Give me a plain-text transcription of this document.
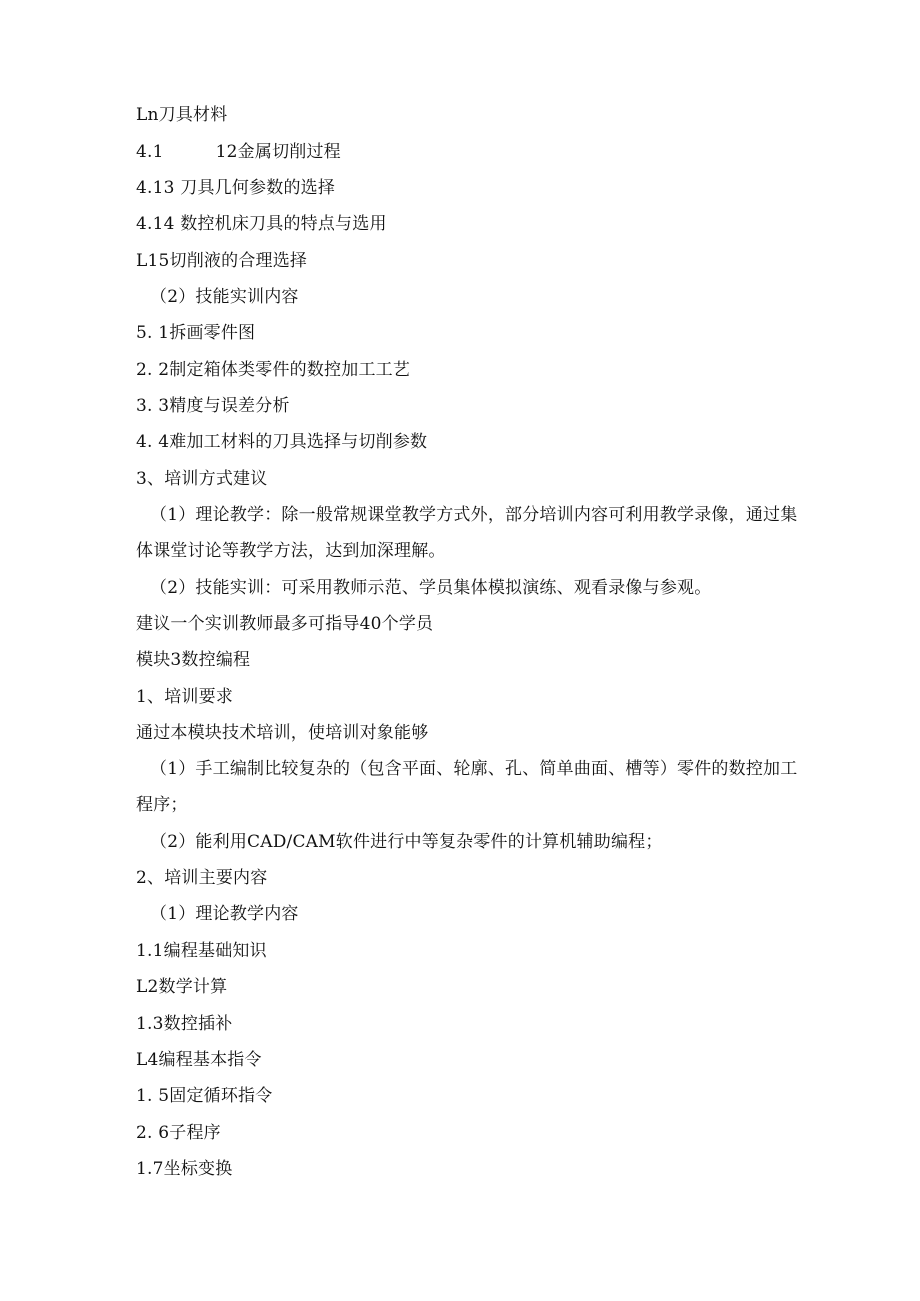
Ln刀具材料
4.1	12金属切削过程
4.13 刀具几何参数的选择
4.14 数控机床刀具的特点与选用
L15切削液的合理选择
（2）技能实训内容
5. 1拆画零件图
2. 2制定箱体类零件的数控加工工艺
3. 3精度与误差分析
4. 4难加工材料的刀具选择与切削参数
3、培训方式建议
（1）理论教学：除一般常规课堂教学方式外，部分培训内容可利用教学录像，通过集体课堂讨论等教学方法，达到加深理解。
（2）技能实训：可采用教师示范、学员集体模拟演练、观看录像与参观。
建议一个实训教师最多可指导40个学员
模块3数控编程
1、培训要求
通过本模块技术培训，使培训对象能够
（1）手工编制比较复杂的（包含平面、轮廓、孔、简单曲面、槽等）零件的数控加工程序；
（2）能利用CAD/CAM软件进行中等复杂零件的计算机辅助编程；
2、培训主要内容
（1）理论教学内容
1.1编程基础知识
L2数学计算
1.3数控插补
L4编程基本指令
1. 5固定循环指令
2. 6子程序
1.7坐标变换
